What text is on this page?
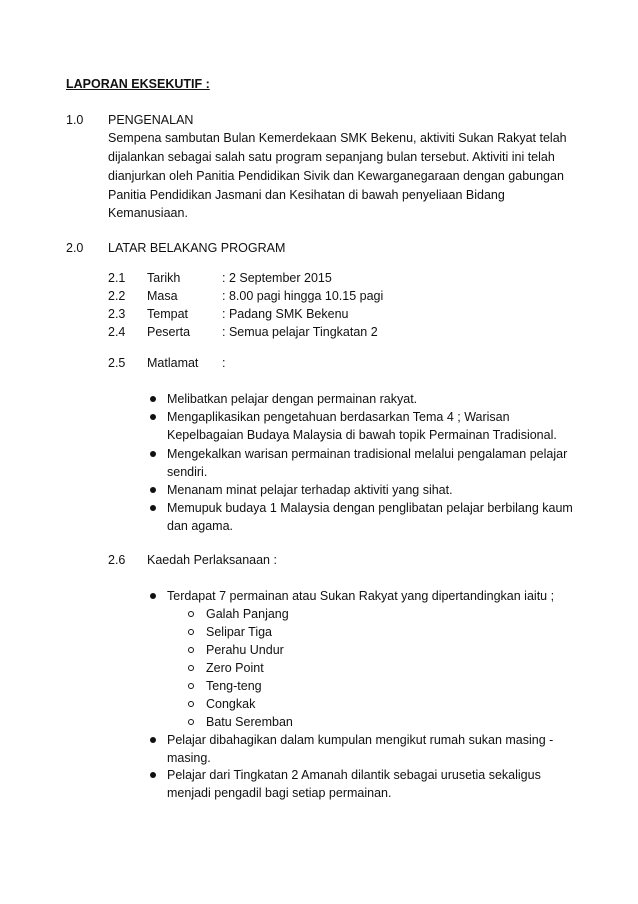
LAPORAN EKSEKUTIF :
1.0 PENGENALAN
Sempena sambutan Bulan Kemerdekaan SMK Bekenu, aktiviti Sukan Rakyat telah
dijalankan sebagai salah satu program sepanjang bulan tersebut. Aktiviti ini telah
dianjurkan oleh Panitia Pendidikan Sivik dan Kewarganegaraan dengan gabungan
Panitia Pendidikan Jasmani dan Kesihatan di bawah penyeliaan Bidang
Kemanusiaan.
2.0 LATAR BELAKANG PROGRAM
2.1 Tarikh	: 2 September 2015
2.2 Masa	: 8.00 pagi hingga 10.15 pagi
2.3 Tempat	: Padang SMK Bekenu
2.4 Peserta	: Semua pelajar Tingkatan 2
2.5 Matlamat :
Melibatkan pelajar dengan permainan rakyat.
Mengaplikasikan pengetahuan berdasarkan Tema 4 ; Warisan
Kepelbagaian Budaya Malaysia di bawah topik Permainan Tradisional.
Mengekalkan warisan permainan tradisional melalui pengalaman pelajar
sendiri.
Menanam minat pelajar terhadap aktiviti yang sihat.
Memupuk budaya 1 Malaysia dengan penglibatan pelajar berbilang kaum
dan agama.
2.6 Kaedah Perlaksanaan :
Terdapat 7 permainan atau Sukan Rakyat yang dipertandingkan iaitu ;
Galah Panjang
Selipar Tiga
Perahu Undur
Zero Point
Teng-teng
Congkak
Batu Seremban
Pelajar dibahagikan dalam kumpulan mengikut rumah sukan masing -
masing.
Pelajar dari Tingkatan 2 Amanah dilantik sebagai urusetia sekaligus
menjadi pengadil bagi setiap permainan.
